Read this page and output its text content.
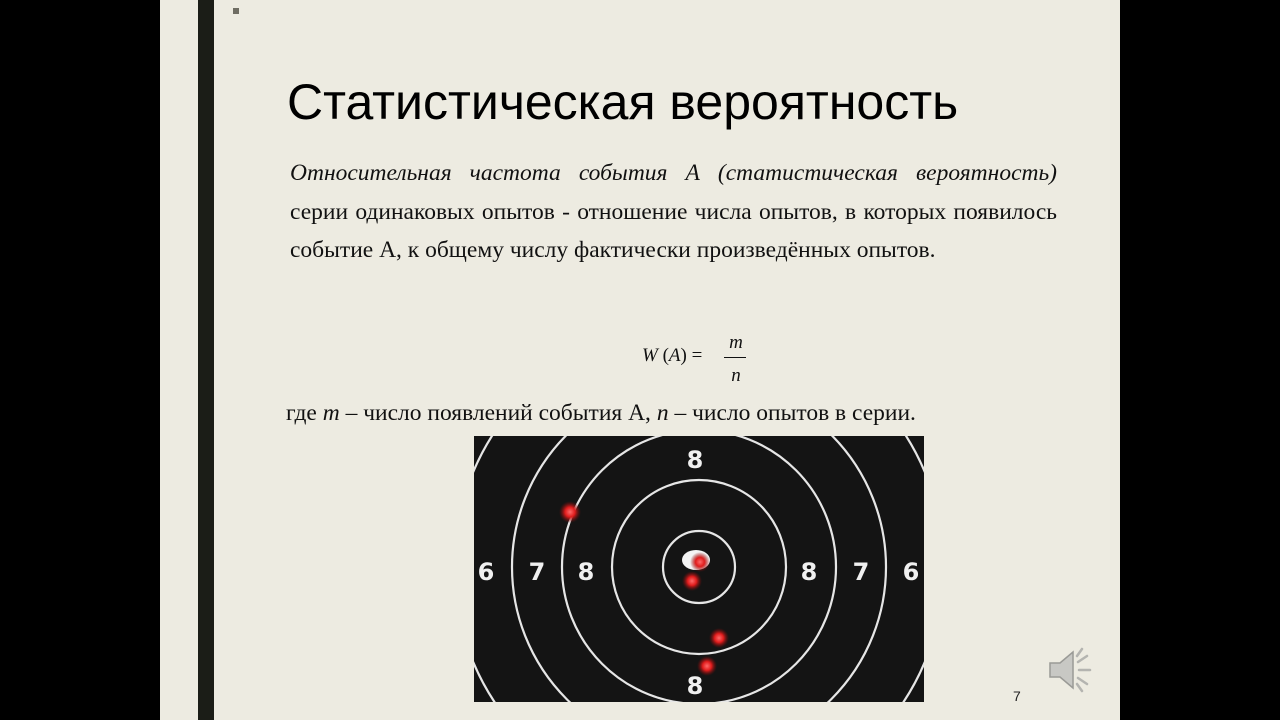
Статистическая вероятность

Относительная частота события А (статистическая вероятность) серии одинаковых опытов - отношение числа опытов, в которых появилось событие А, к общему числу фактически произведённых опытов.

W (A) =
m
n

где m – число появлений события А, n – число опытов в серии.

8
8
6 7 8	8 7 6
7
